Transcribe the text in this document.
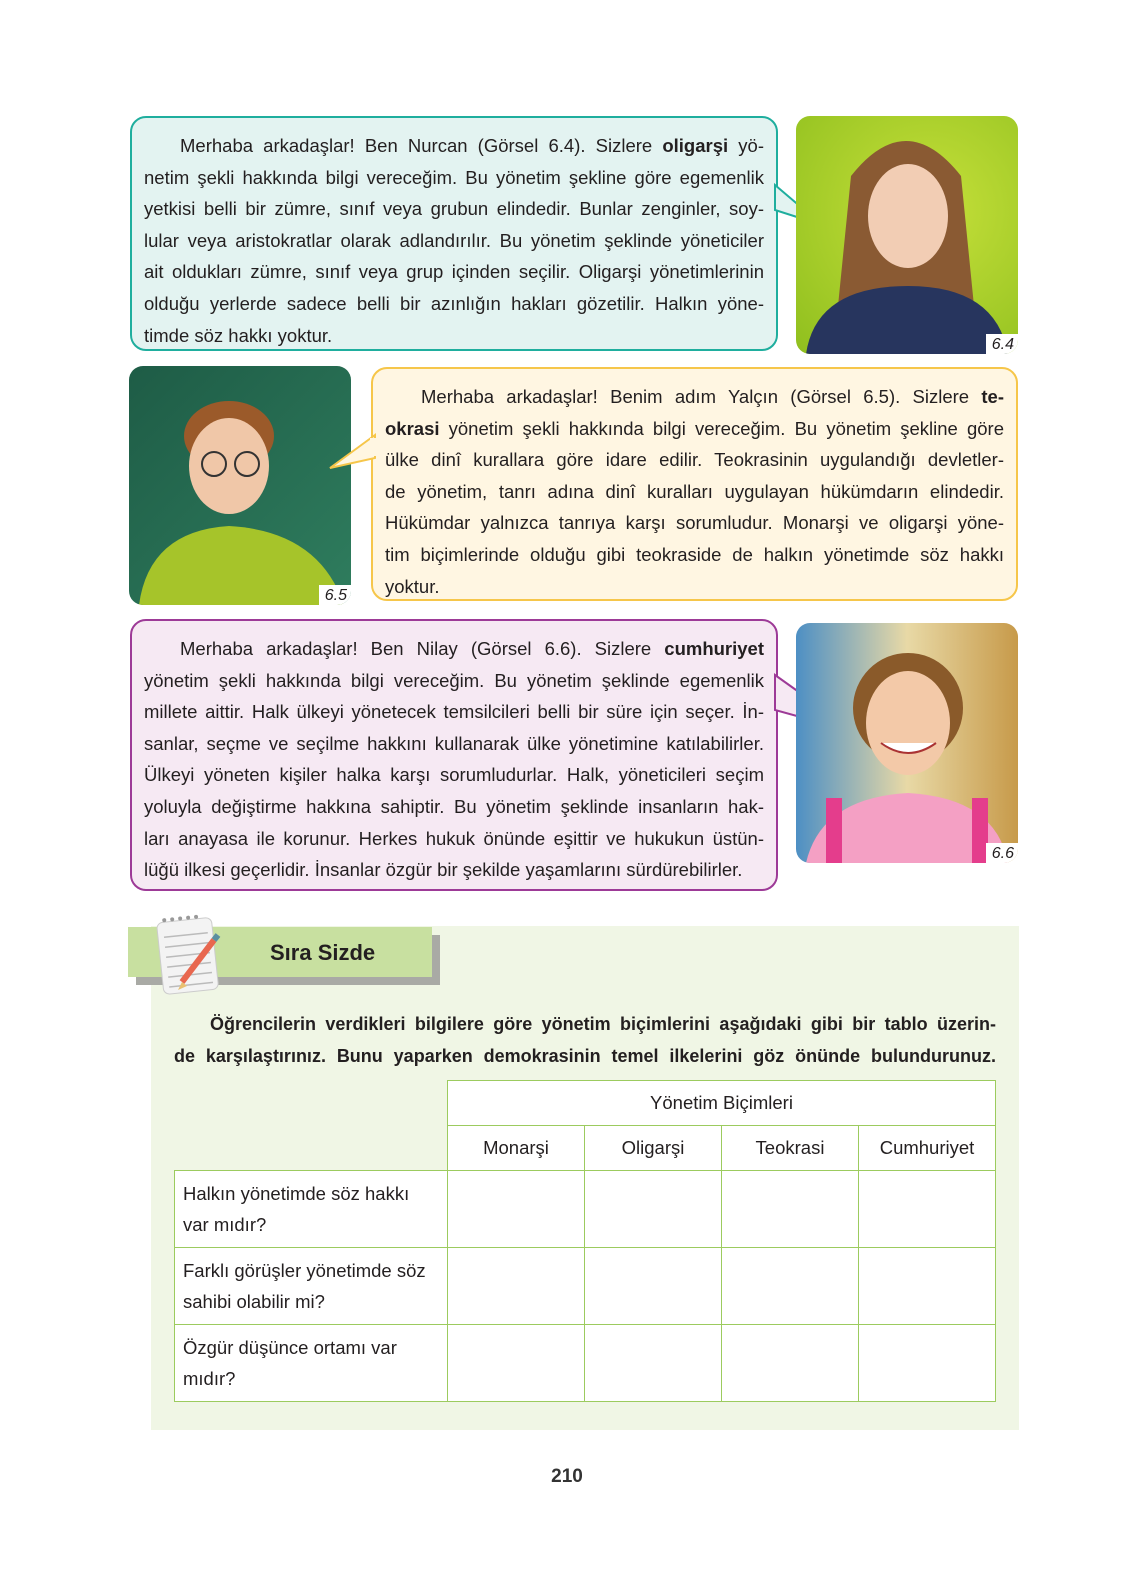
Merhaba arkadaşlar! Ben Nurcan (Görsel 6.4). Sizlere oligarşi yö-
netim şekli hakkında bilgi vereceğim. Bu yönetim şekline göre egemenlik
yetkisi belli bir zümre, sınıf veya grubun elindedir. Bunlar zenginler, soy-
lular veya aristokratlar olarak adlandırılır. Bu yönetim şeklinde yöneticiler
ait oldukları zümre, sınıf veya grup içinden seçilir. Oligarşi yönetimlerinin
olduğu yerlerde sadece belli bir azınlığın hakları gözetilir. Halkın yöne-
timde söz hakkı yoktur.	6.4
6.5
Merhaba arkadaşlar! Benim adım Yalçın (Görsel 6.5). Sizlere te-
okrasi yönetim şekli hakkında bilgi vereceğim. Bu yönetim şekline göre
ülke dinî kurallara göre idare edilir. Teokrasinin uygulandığı devletler-
de yönetim, tanrı adına dinî kuralları uygulayan hükümdarın elindedir.
Hükümdar yalnızca tanrıya karşı sorumludur. Monarşi ve oligarşi yöne-
tim biçimlerinde olduğu gibi teokraside de halkın yönetimde söz hakkı
yoktur.
Merhaba arkadaşlar! Ben Nilay (Görsel 6.6). Sizlere cumhuriyet
yönetim şekli hakkında bilgi vereceğim. Bu yönetim şeklinde egemenlik
millete aittir. Halk ülkeyi yönetecek temsilcileri belli bir süre için seçer. İn-
sanlar, seçme ve seçilme hakkını kullanarak ülke yönetimine katılabilirler.
Ülkeyi yöneten kişiler halka karşı sorumludurlar. Halk, yöneticileri seçim
yoluyla değiştirme hakkına sahiptir. Bu yönetim şeklinde insanların hak-
ları anayasa ile korunur. Herkes hukuk önünde eşittir ve hukukun üstün-
lüğü ilkesi geçerlidir. İnsanlar özgür bir şekilde yaşamlarını sürdürebilirler.
6.6
Sıra Sizde
Öğrencilerin verdikleri bilgilere göre yönetim biçimlerini aşağıdaki gibi bir tablo üzerin-
de karşılaştırınız. Bunu yaparken demokrasinin temel ilkelerini göz önünde bulundurunuz.
	Yönetim Biçimleri			
	Monarşi	Oligarşi	Teokrasi	Cumhuriyet
Halkın yönetimde söz hakkı var mıdır?				
Farklı görüşler yönetimde söz sahibi olabilir mi?				
Özgür düşünce ortamı var mıdır?				
210
